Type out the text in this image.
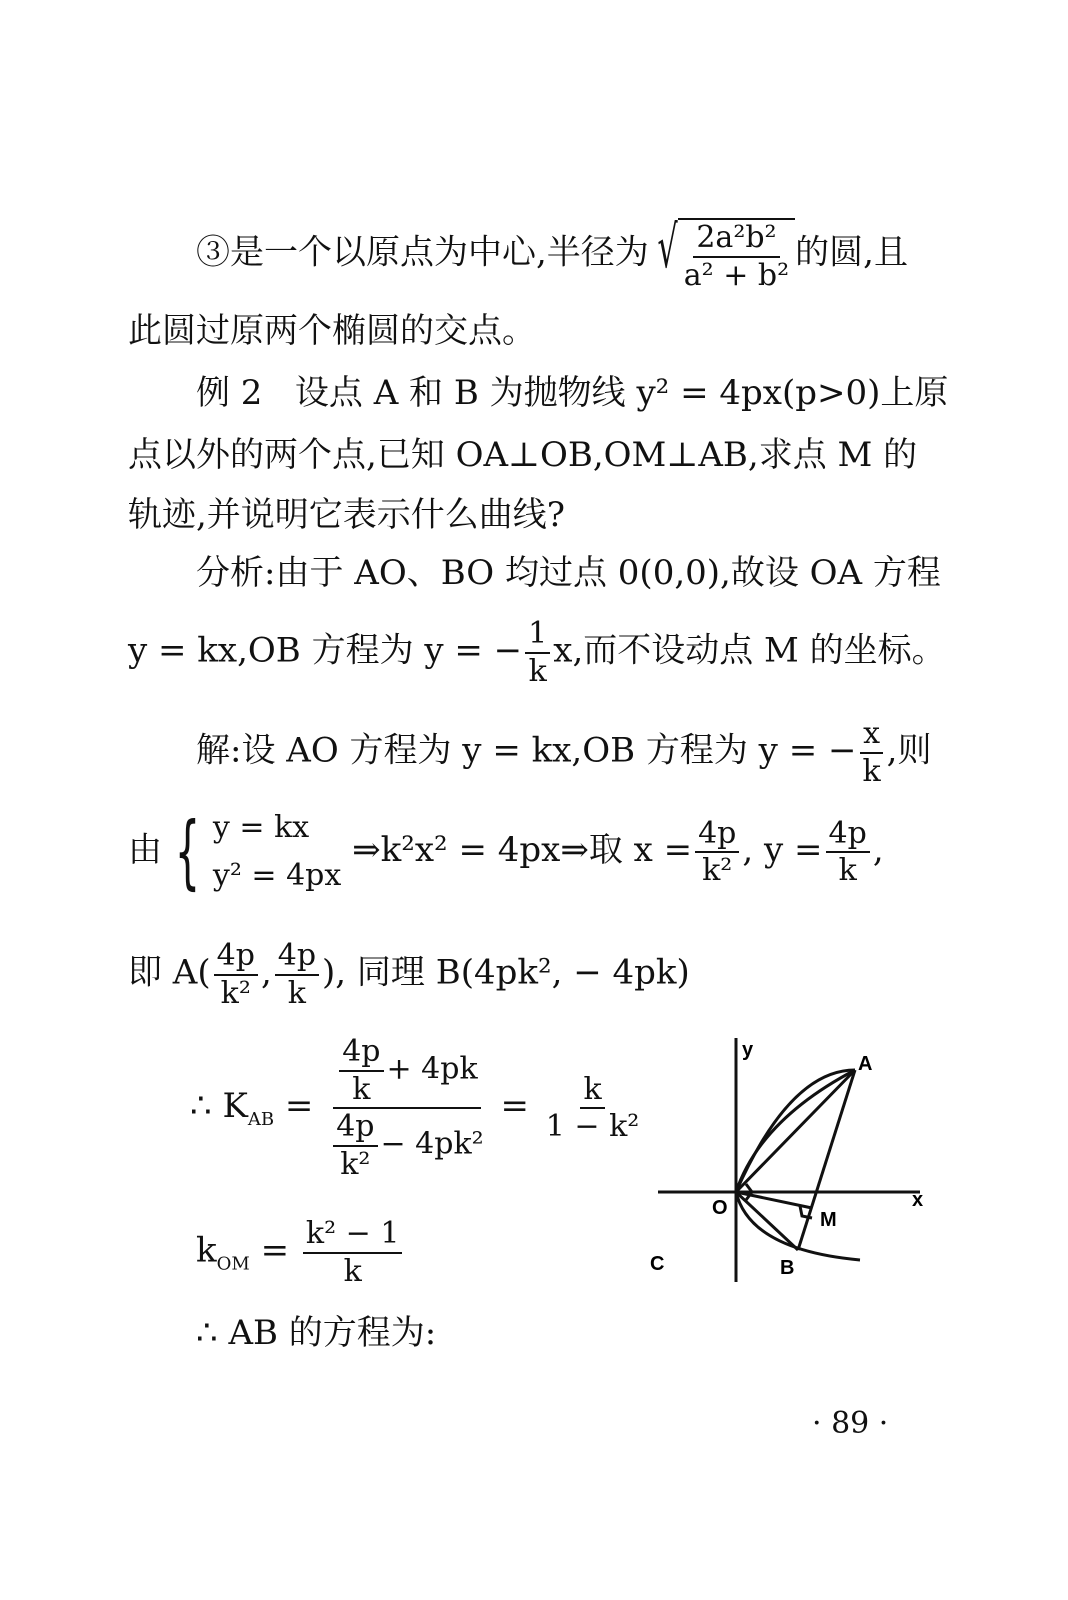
③是一个以原点为中心,半径为 √ $\frac{\text{2a²b²}}{\text{a² + b²}}$ 的圆,且
此圆过原两个椭圆的交点。
例 2 设点 A 和 B 为抛物线 y² = 4px(p>0)上原
点以外的两个点,已知 OA⊥OB,OM⊥AB,求点 M 的
轨迹,并说明它表示什么曲线?
分析:由于 AO、BO 均过点 0(0,0),故设 OA 方程
y = kx,OB 方程为 y = − $\frac{1}{k} x$,而不设动点 M 的坐标。
解:设 AO 方程为 y = kx,OB 方程为 y = − $\frac{x}{k}$ ,则
由 { y = kx
y² = 4px
⇒k²x² = 4px⇒取 $x = \frac{4p}{\text{k²}}$ , $y = \frac{4p}{k}$ ,
即 $A( \frac{4p}{\text{k²}}$ , $\frac{4p}{k}$ ), 同理 B(4pk², − 4pk)
∴ $K_{AB} = \frac{\frac{4p}{k} + 4pk}{\frac{4p}{\text{k²}} - 4pk^2} = \frac{k}{\text{1 − k²}}$
$k_{OM} = \frac{\text{k² − 1}}{k}$
∴ AB 的方程为:
y
A
x
O
M
C	B
· 89 ·
